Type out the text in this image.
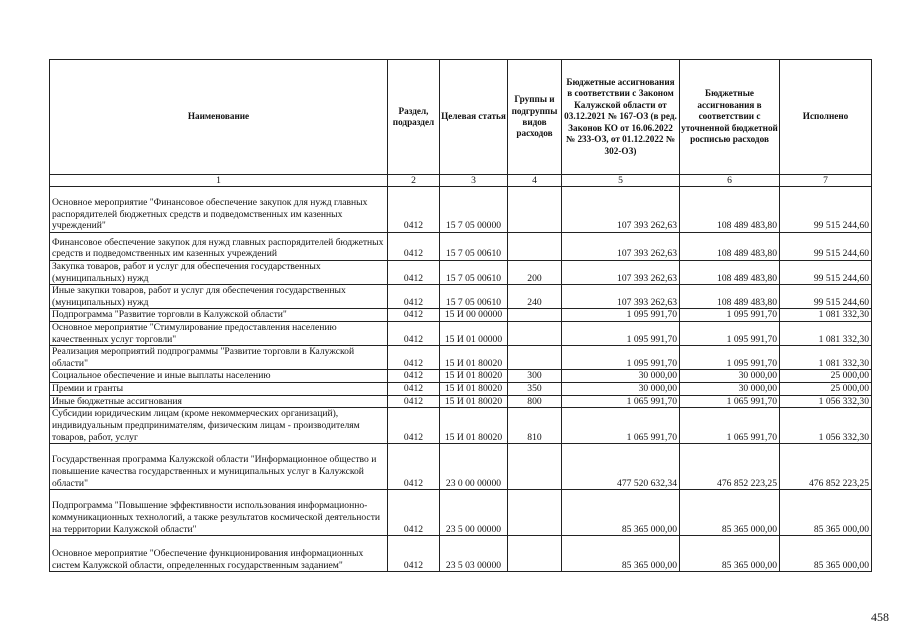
Наименование	Раздел, подраздел	Целевая статья	Группы и подгруппы видов расходов	Бюджетные ассигнования в соответствии с Законом Калужской области от 03.12.2021 № 167-ОЗ (в ред. Законов КО от 16.06.2022 № 233-ОЗ, от 01.12.2022 № 302-ОЗ)	Бюджетные ассигнования в соответствии с уточненной бюджетной росписью расходов	Исполнено
1	2	3	4	5	6	7
Основное мероприятие "Финансовое обеспечение закупок для нужд главных распорядителей бюджетных средств и подведомственных им казенных учреждений"	0412	15 7 05 00000		107 393 262,63	108 489 483,80	99 515 244,60
Финансовое обеспечение закупок для нужд главных распорядителей бюджетных средств и подведомственных им казенных учреждений	0412	15 7 05 00610		107 393 262,63	108 489 483,80	99 515 244,60
Закупка товаров, работ и услуг для обеспечения государственных (муниципальных) нужд	0412	15 7 05 00610	200	107 393 262,63	108 489 483,80	99 515 244,60
Иные закупки товаров, работ и услуг для обеспечения государственных (муниципальных) нужд	0412	15 7 05 00610	240	107 393 262,63	108 489 483,80	99 515 244,60
Подпрограмма "Развитие торговли в Калужской области"	0412	15 И 00 00000		1 095 991,70	1 095 991,70	1 081 332,30
Основное мероприятие "Стимулирование предоставления населению качественных услуг торговли"	0412	15 И 01 00000		1 095 991,70	1 095 991,70	1 081 332,30
Реализация мероприятий подпрограммы "Развитие торговли в Калужской области"	0412	15 И 01 80020		1 095 991,70	1 095 991,70	1 081 332,30
Социальное обеспечение и иные выплаты населению	0412	15 И 01 80020	300	30 000,00	30 000,00	25 000,00
Премии и гранты	0412	15 И 01 80020	350	30 000,00	30 000,00	25 000,00
Иные бюджетные ассигнования	0412	15 И 01 80020	800	1 065 991,70	1 065 991,70	1 056 332,30
Субсидии юридическим лицам (кроме некоммерческих организаций), индивидуальным предпринимателям, физическим лицам - производителям товаров, работ, услуг	0412	15 И 01 80020	810	1 065 991,70	1 065 991,70	1 056 332,30
Государственная программа Калужской области "Информационное общество и повышение качества государственных и муниципальных услуг в Калужской области"	0412	23 0 00 00000		477 520 632,34	476 852 223,25	476 852 223,25
Подпрограмма "Повышение эффективности использования информационно-коммуникационных технологий, а также результатов космической деятельности на территории Калужской области"	0412	23 5 00 00000		85 365 000,00	85 365 000,00	85 365 000,00
Основное мероприятие "Обеспечение функционирования информационных систем Калужской области, определенных государственным заданием"	0412	23 5 03 00000		85 365 000,00	85 365 000,00	85 365 000,00
458
